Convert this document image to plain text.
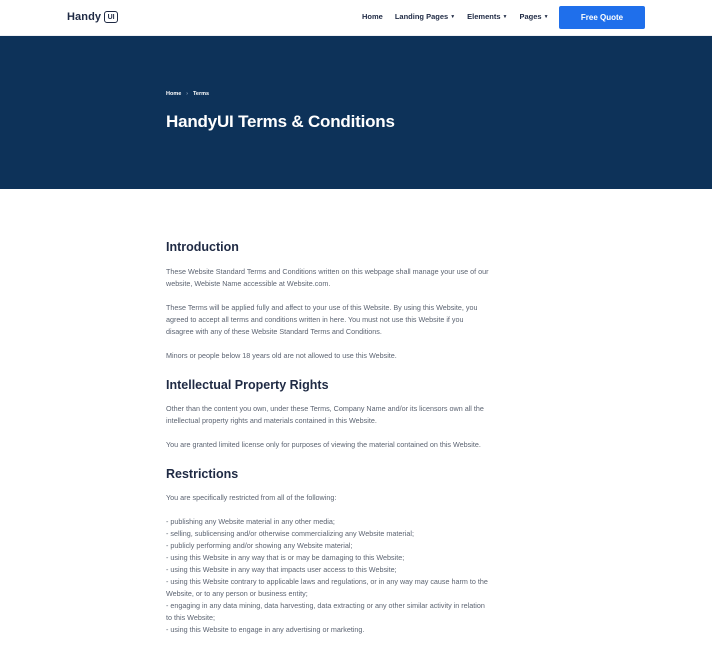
Handy UI	Home Landing Pages ▼ Elements ▼ Pages ▼	Free Quote
Home › Terms
HandyUI Terms & Conditions
Introduction
These Website Standard Terms and Conditions written on this webpage shall manage your use of our
website, Webiste Name accessible at Website.com.
These Terms will be applied fully and affect to your use of this Website. By using this Website, you
agreed to accept all terms and conditions written in here. You must not use this Website if you
disagree with any of these Website Standard Terms and Conditions.
Minors or people below 18 years old are not allowed to use this Website.
Intellectual Property Rights
Other than the content you own, under these Terms, Company Name and/or its licensors own all the
intellectual property rights and materials contained in this Website.
You are granted limited license only for purposes of viewing the material contained on this Website.
Restrictions
You are specifically restricted from all of the following:
- publishing any Website material in any other media;
- selling, sublicensing and/or otherwise commercializing any Website material;
- publicly performing and/or showing any Website material;
- using this Website in any way that is or may be damaging to this Website;
- using this Website in any way that impacts user access to this Website;
- using this Website contrary to applicable laws and regulations, or in any way may cause harm to the
Website, or to any person or business entity;
- engaging in any data mining, data harvesting, data extracting or any other similar activity in relation
to this Website;
- using this Website to engage in any advertising or marketing.
